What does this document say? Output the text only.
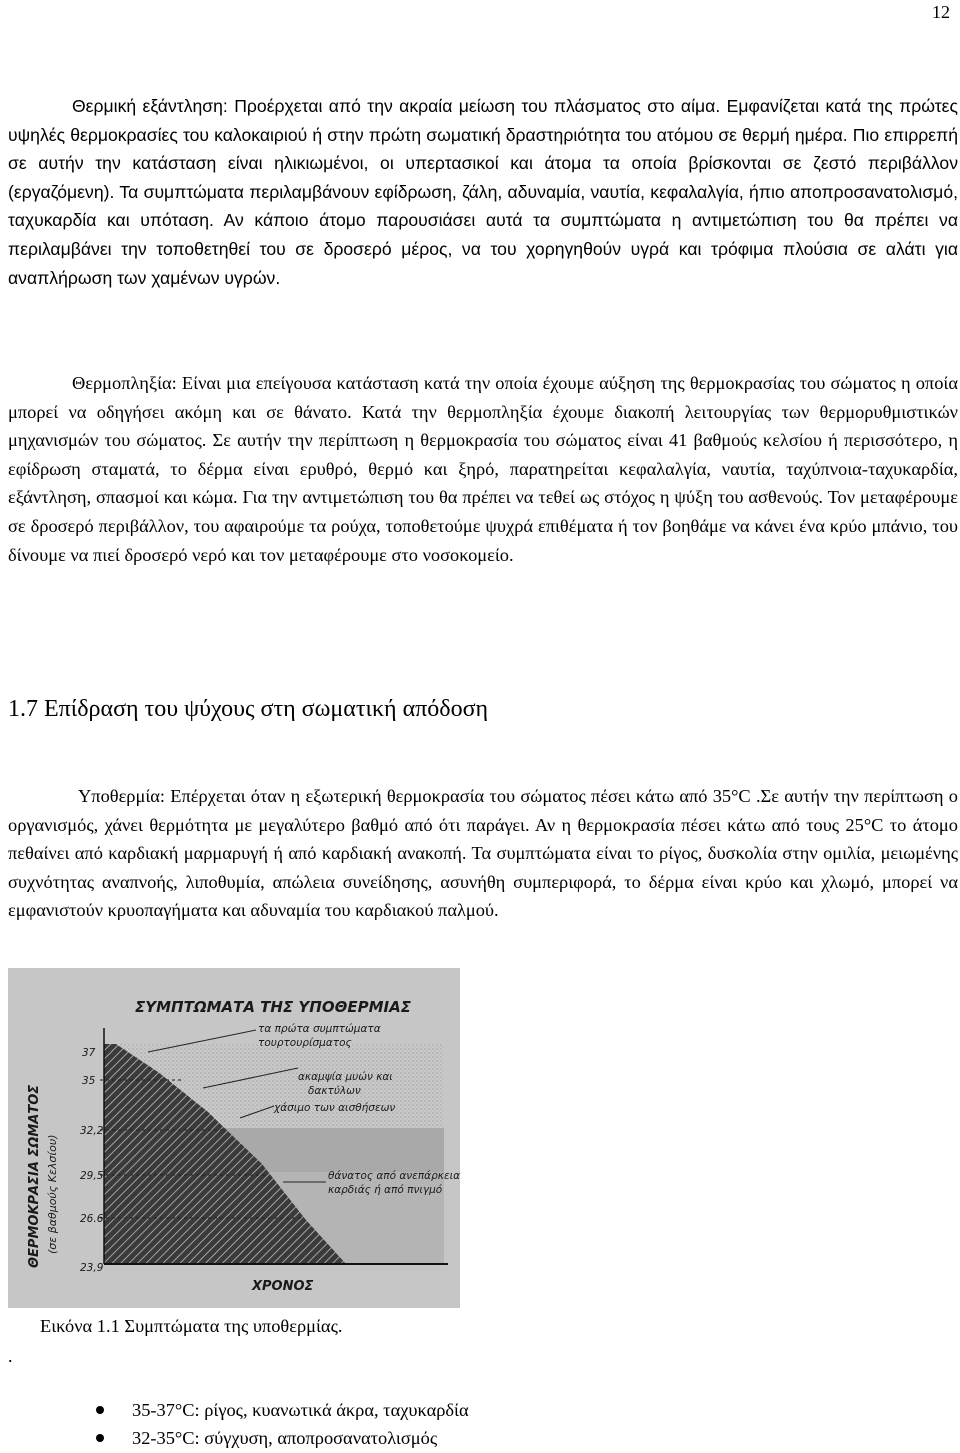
12

Θερμική εξάντληση: Προέρχεται από την ακραία μείωση του πλάσματος στο αίμα. Εμφανίζεται κατά της πρώτες υψηλές θερμοκρασίες του καλοκαιριού ή στην πρώτη σωματική δραστηριότητα του ατόμου σε θερμή ημέρα. Πιο επιρρεπή σε αυτήν την κατάσταση είναι ηλικιωμένοι, οι υπερτασικοί και άτομα τα οποία βρίσκονται σε ζεστό περιβάλλον (εργαζόμενη). Τα συμπτώματα περιλαμβάνουν εφίδρωση, ζάλη, αδυναμία, ναυτία, κεφαλαλγία, ήπιο αποπροσανατολισμό, ταχυκαρδία και υπόταση. Αν κάποιο άτομο παρουσιάσει αυτά τα συμπτώματα η αντιμετώπιση του θα πρέπει να περιλαμβάνει την τοποθετηθεί του σε δροσερό μέρος, να του χορηγηθούν υγρά και τρόφιμα πλούσια σε αλάτι για αναπλήρωση των χαμένων υγρών.

Θερμοπληξία: Είναι μια επείγουσα κατάσταση κατά την οποία έχουμε αύξηση της θερμοκρασίας του σώματος η οποία μπορεί να οδηγήσει ακόμη και σε θάνατο. Κατά την θερμοπληξία έχουμε διακοπή λειτουργίας των θερμορυθμιστικών μηχανισμών του σώματος. Σε αυτήν την περίπτωση η θερμοκρασία του σώματος είναι 41 βαθμούς κελσίου ή περισσότερο, η εφίδρωση σταματά, το δέρμα είναι ερυθρό, θερμό και ξηρό, παρατηρείται κεφαλαλγία, ναυτία, ταχύπνοια-ταχυκαρδία, εξάντληση, σπασμοί και κώμα. Για την αντιμετώπιση του θα πρέπει να τεθεί ως στόχος η ψύξη του ασθενούς. Τον μεταφέρουμε σε δροσερό περιβάλλον, του αφαιρούμε τα ρούχα, τοποθετούμε ψυχρά επιθέματα ή τον βοηθάμε να κάνει ένα κρύο μπάνιο, του δίνουμε να πιεί δροσερό νερό και τον μεταφέρουμε στο νοσοκομείο.

1.7 Επίδραση του ψύχους στη σωματική απόδοση

Υποθερμία: Επέρχεται όταν η εξωτερική θερμοκρασία του σώματος πέσει κάτω από 35°C .Σε αυτήν την περίπτωση ο οργανισμός, χάνει θερμότητα με μεγαλύτερο βαθμό από ότι παράγει. Αν η θερμοκρασία πέσει κάτω από τους 25°C το άτομο πεθαίνει από καρδιακή μαρμαρυγή ή από καρδιακή ανακοπή. Τα συμπτώματα είναι το ρίγος, δυσκολία στην ομιλία, μειωμένης συχνότητας αναπνοής, λιποθυμία, απώλεια συνείδησης, ασυνήθη συμπεριφορά, το δέρμα είναι κρύο και χλωμό, μπορεί να εμφανιστούν κρυοπαγήματα και αδυναμία του καρδιακού παλμού.

ΣΥΜΠΤΩΜΑΤΑ ΤΗΣ ΥΠΟΘΕΡΜΙΑΣ
ΘΕΡΜΟΚΡΑΣΙΑ ΣΩΜΑΤΟΣ (σε βαθμούς Κελσίου)
37
35
32,2
29,5
26.6
23,9
τα πρώτα συμπτώματα
τουρτουρίσματος
ακαμψία μυών και
δακτύλων
χάσιμο των αισθήσεων
θάνατος από ανεπάρκεια
καρδιάς ή από πνιγμό
ΧΡΟΝΟΣ
Εικόνα 1.1 Συμπτώματα της υποθερμίας.
.
35-37°C: ρίγος, κυανωτικά άκρα, ταχυκαρδία
32-35°C: σύγχυση, αποπροσανατολισμός
